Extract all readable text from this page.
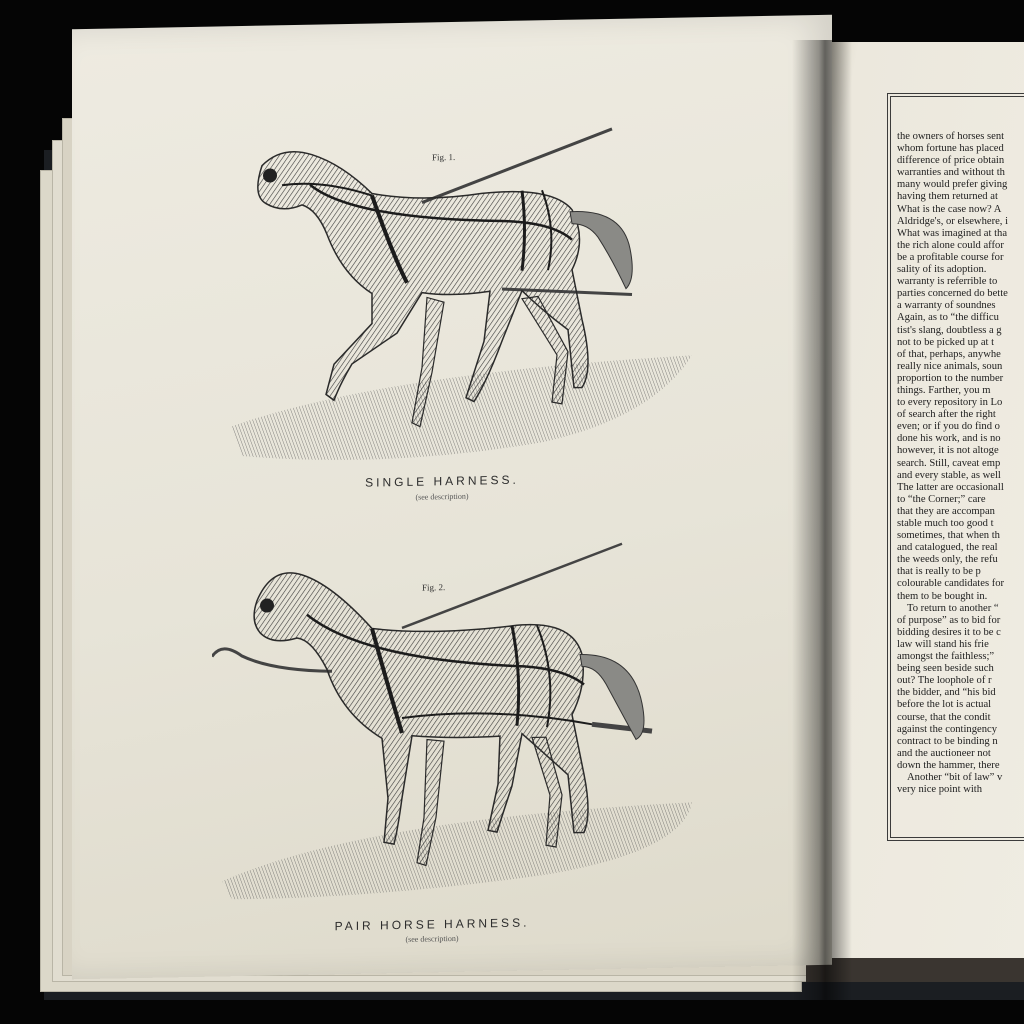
the owners of horses sent
whom fortune has placed
difference of price obtain
warranties and without th
many would prefer giving
having them returned at
What is the case now? A
Aldridge's, or elsewhere, i
What was imagined at tha
the rich alone could affor
be a profitable course for
sality of its adoption.
warranty is referrible to
parties concerned do bette
a warranty of soundnes
Again, as to “the difficu
tist's slang, doubtless a g
not to be picked up at t
of that, perhaps, anywhe
really nice animals, soun
proportion to the number
things. Farther, you m
to every repository in Lo
of search after the right
even; or if you do find o
done his work, and is no
however, it is not altoge
search. Still, caveat emp
and every stable, as well
The latter are occasionall
to “the Corner;” care
that they are accompan
stable much too good t
sometimes, that when th
and catalogued, the real
the weeds only, the refu
that is really to be p
colourable candidates for
them to be bought in.
To return to another “
of purpose” as to bid for
bidding desires it to be c
law will stand his frie
amongst the faithless;”
being seen beside such
out? The loophole of r
the bidder, and “his bid
before the lot is actual
course, that the condit
against the contingency
contract to be binding n
and the auctioneer not
down the hammer, there
Another “bit of law” v
very nice point with
Fig. 1.
SINGLE HARNESS.
(see description)
Fig. 2.
PAIR HORSE HARNESS.
(see description)
